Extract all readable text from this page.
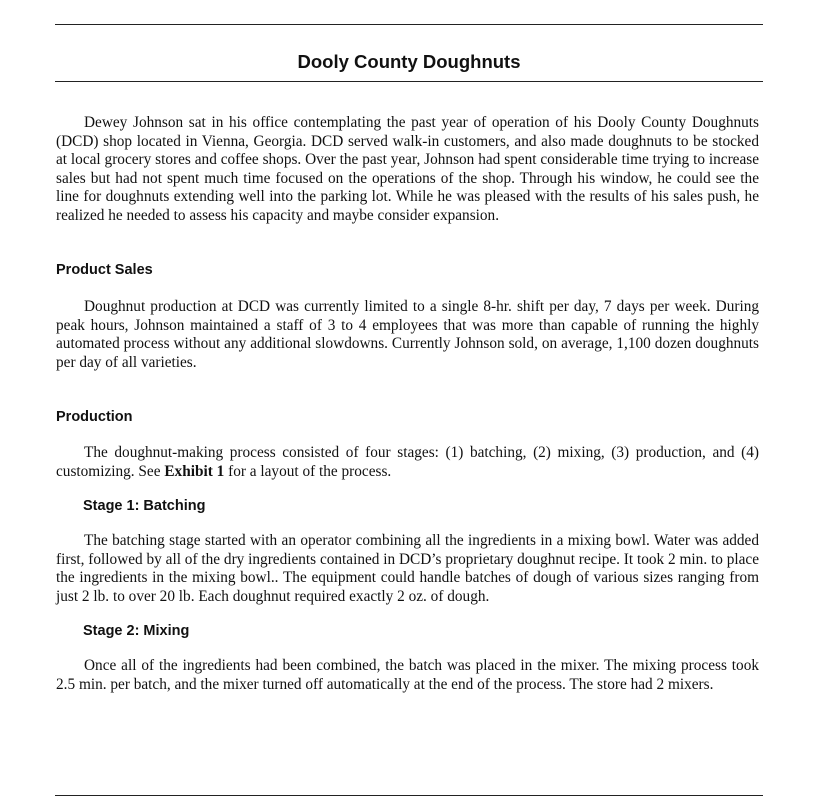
Dooly County Doughnuts

Dewey Johnson sat in his office contemplating the past year of operation of his Dooly County Doughnuts (DCD) shop located in Vienna, Georgia. DCD served walk-in customers, and also made doughnuts to be stocked at local grocery stores and coffee shops. Over the past year, Johnson had spent considerable time trying to increase sales but had not spent much time focused on the operations of the shop. Through his window, he could see the line for doughnuts extending well into the parking lot. While he was pleased with the results of his sales push, he realized he needed to assess his capacity and maybe consider expansion.

Product Sales

Doughnut production at DCD was currently limited to a single 8-hr. shift per day, 7 days per week. During peak hours, Johnson maintained a staff of 3 to 4 employees that was more than capable of running the highly automated process without any additional slowdowns. Currently Johnson sold, on average, 1,100 dozen doughnuts per day of all varieties.

Production

The doughnut-making process consisted of four stages: (1) batching, (2) mixing, (3) production, and (4) customizing. See Exhibit 1 for a layout of the process.

Stage 1: Batching

The batching stage started with an operator combining all the ingredients in a mixing bowl. Water was added first, followed by all of the dry ingredients contained in DCD’s proprietary doughnut recipe. It took 2 min. to place the ingredients in the mixing bowl.. The equipment could handle batches of dough of various sizes ranging from just 2 lb. to over 20 lb. Each doughnut required exactly 2 oz. of dough.

Stage 2: Mixing

Once all of the ingredients had been combined, the batch was placed in the mixer. The mixing process took 2.5 min. per batch, and the mixer turned off automatically at the end of the process. The store had 2 mixers.
